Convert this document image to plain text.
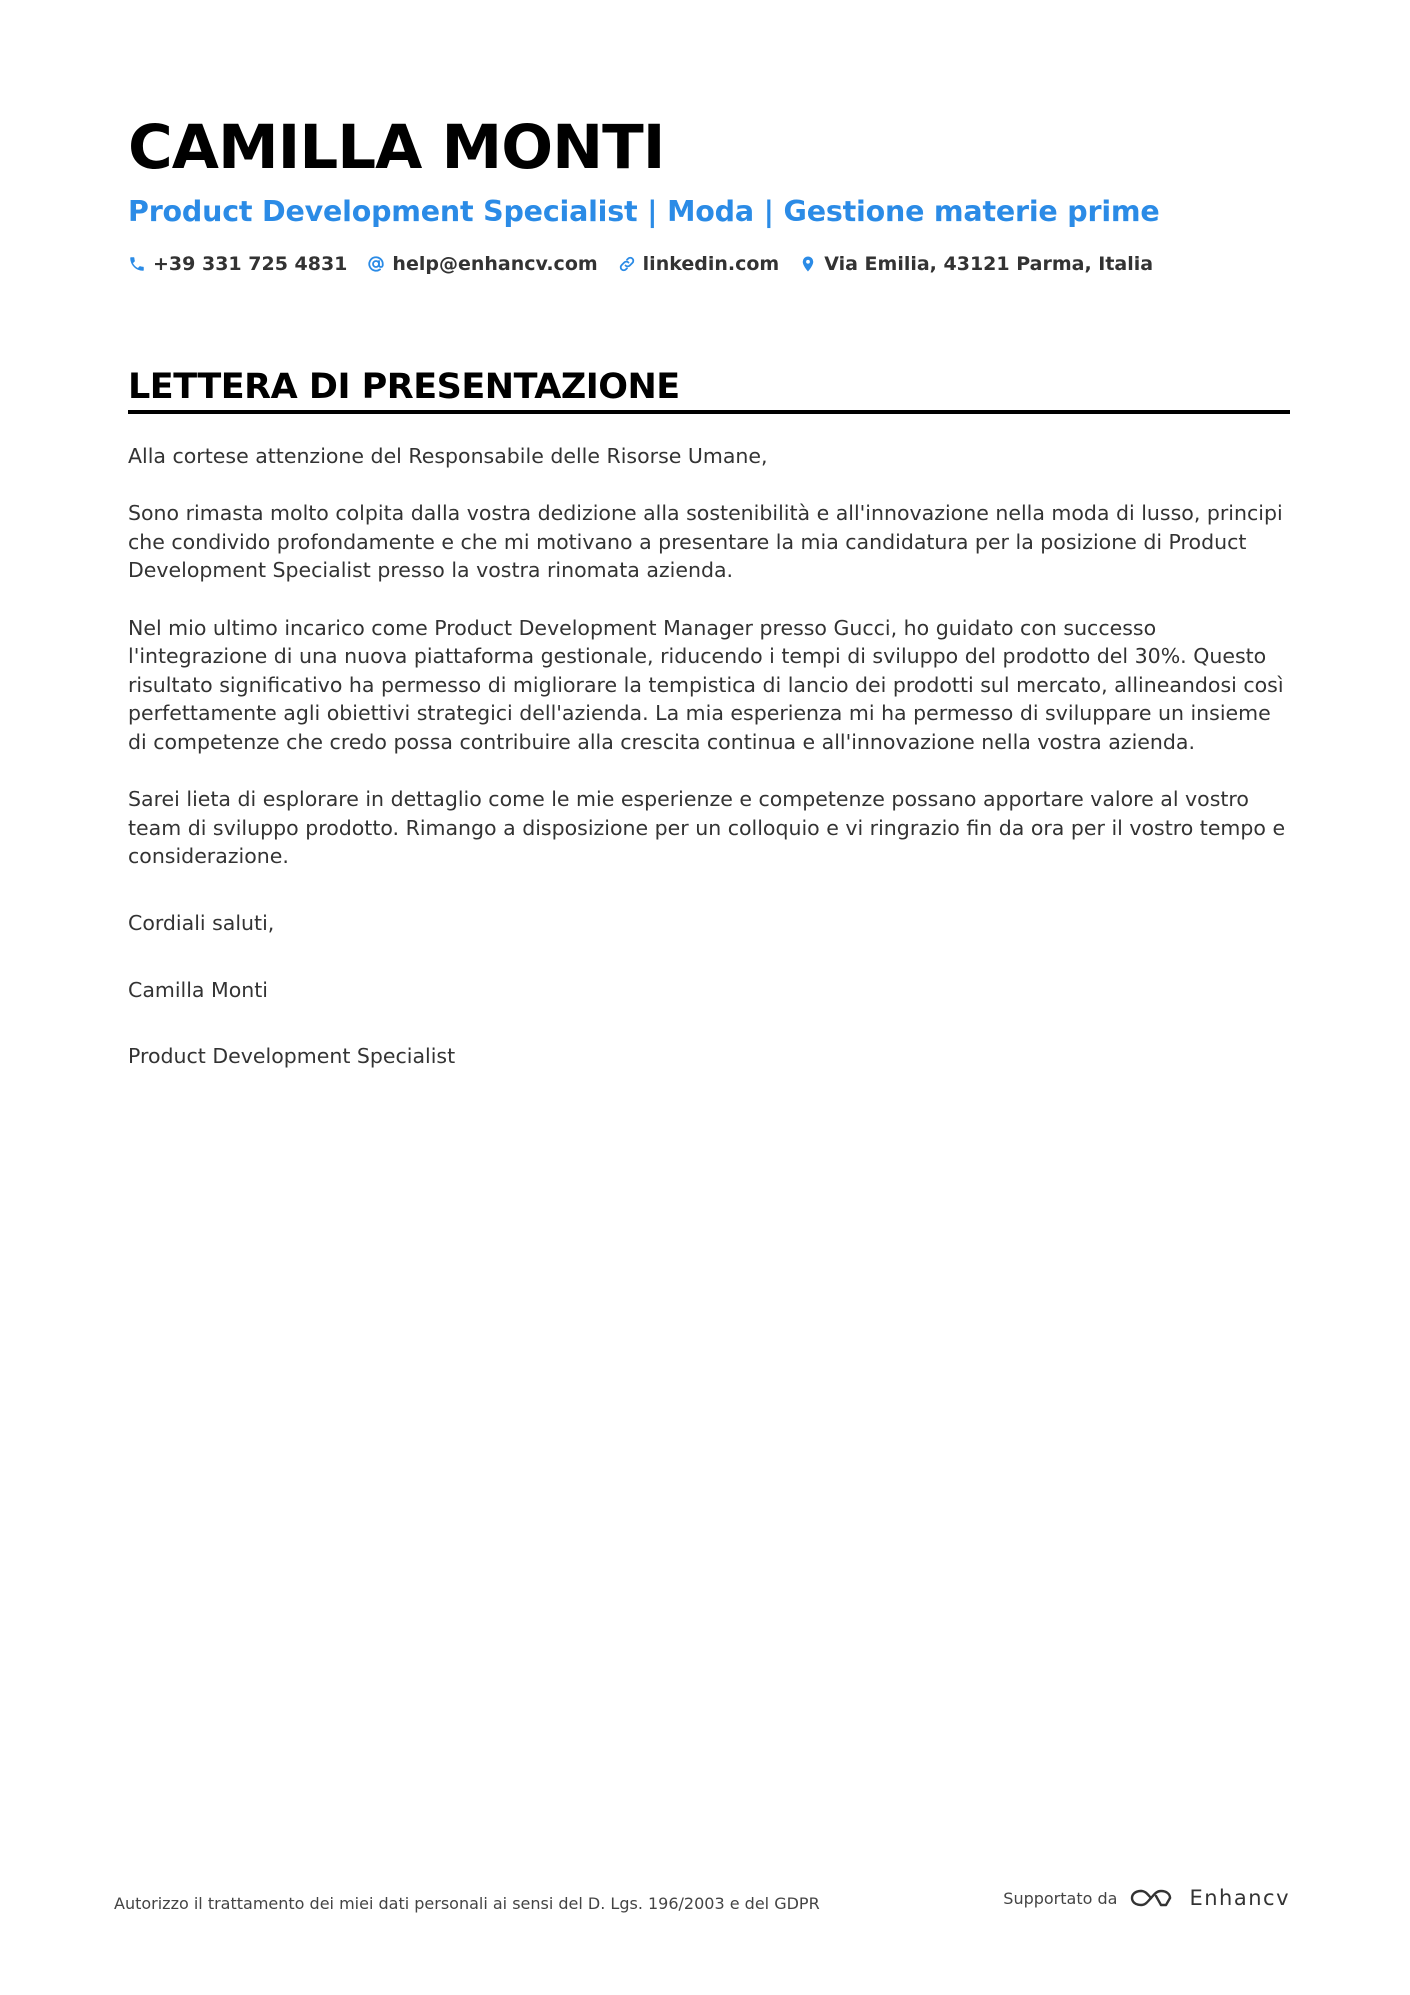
CAMILLA MONTI
Product Development Specialist | Moda | Gestione materie prime
+39 331 725 4831 help@enhancv.com linkedin.com Via Emilia, 43121 Parma, Italia
LETTERA DI PRESENTAZIONE

Alla cortese attenzione del Responsabile delle Risorse Umane,

Sono rimasta molto colpita dalla vostra dedizione alla sostenibilità e all'innovazione nella moda di lusso, principi che condivido profondamente e che mi motivano a presentare la mia candidatura per la posizione di Product Development Specialist presso la vostra rinomata azienda.

Nel mio ultimo incarico come Product Development Manager presso Gucci, ho guidato con successo l'integrazione di una nuova piattaforma gestionale, riducendo i tempi di sviluppo del prodotto del 30%. Questo risultato significativo ha permesso di migliorare la tempistica di lancio dei prodotti sul mercato, allineandosi così perfettamente agli obiettivi strategici dell'azienda. La mia esperienza mi ha permesso di sviluppare un insieme di competenze che credo possa contribuire alla crescita continua e all'innovazione nella vostra azienda.

Sarei lieta di esplorare in dettaglio come le mie esperienze e competenze possano apportare valore al vostro team di sviluppo prodotto. Rimango a disposizione per un colloquio e vi ringrazio fin da ora per il vostro tempo e considerazione.

Cordiali saluti,

Camilla Monti

Product Development Specialist

Autorizzo il trattamento dei miei dati personali ai sensi del D. Lgs. 196/2003 e del GDPR	Supportato da	Enhancv
